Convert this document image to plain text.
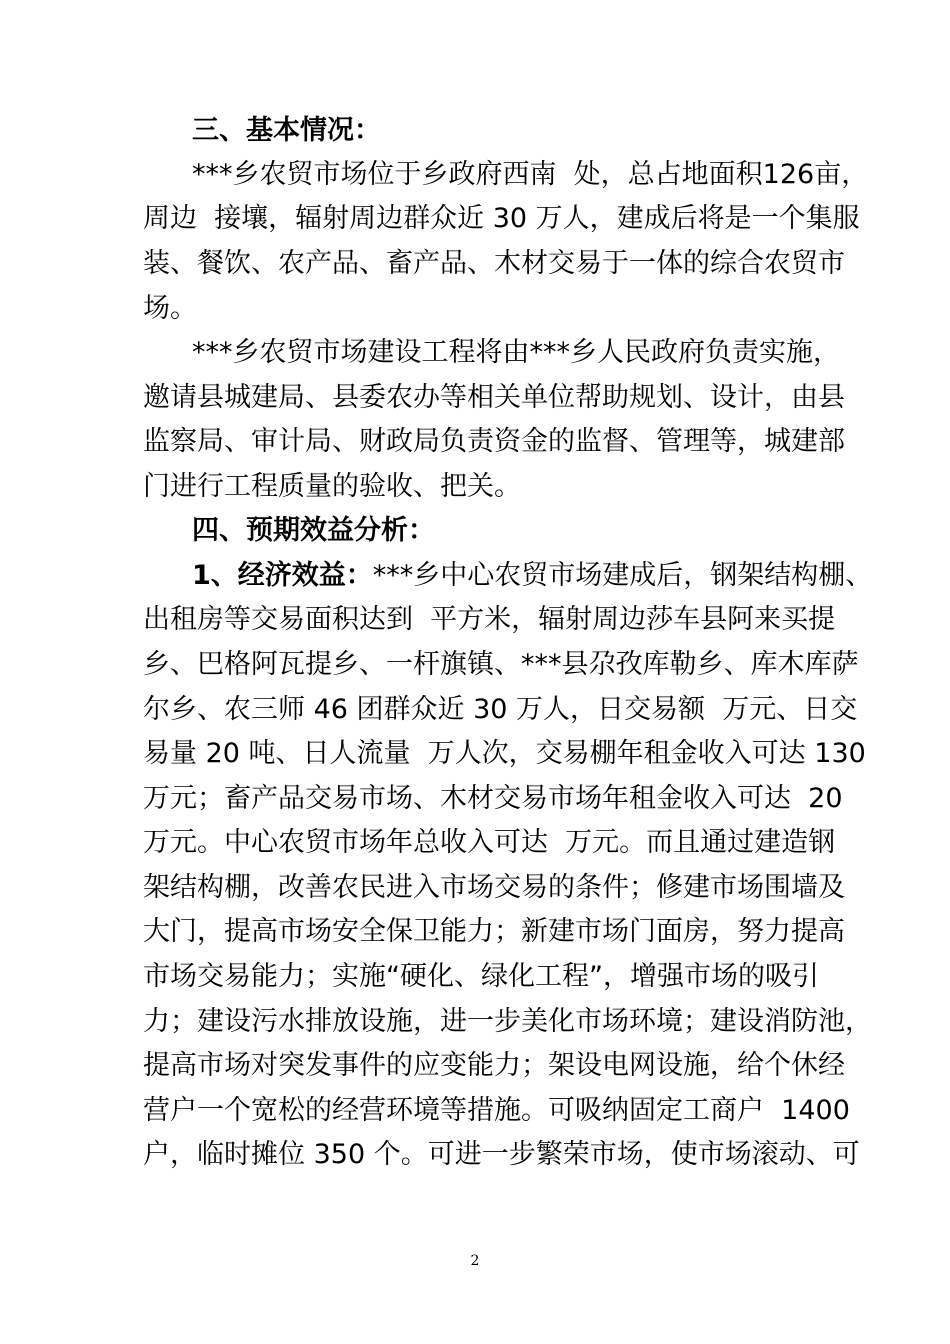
三、基本情况：
***乡农贸市场位于乡政府西南  处，总占地面积126亩，
周边  接壤，辐射周边群众近 30 万人，建成后将是一个集服
装、餐饮、农产品、畜产品、木材交易于一体的综合农贸市
场。
***乡农贸市场建设工程将由***乡人民政府负责实施，
邀请县城建局、县委农办等相关单位帮助规划、设计，由县
监察局、审计局、财政局负责资金的监督、管理等，城建部
门进行工程质量的验收、把关。
四、预期效益分析：
1、经济效益：***乡中心农贸市场建成后，钢架结构棚、
出租房等交易面积达到  平方米，辐射周边莎车县阿来买提
乡、巴格阿瓦提乡、一杆旗镇、***县尕孜库勒乡、库木库萨
尔乡、农三师 46 团群众近 30 万人，日交易额  万元、日交
易量 20 吨、日人流量  万人次，交易棚年租金收入可达 130
万元；畜产品交易市场、木材交易市场年租金收入可达  20
万元。中心农贸市场年总收入可达  万元。而且通过建造钢
架结构棚，改善农民进入市场交易的条件；修建市场围墙及
大门，提高市场安全保卫能力；新建市场门面房，努力提高
市场交易能力；实施“硬化、绿化工程”，增强市场的吸引
力；建设污水排放设施，进一步美化市场环境；建设消防池，
提高市场对突发事件的应变能力；架设电网设施，给个休经
营户一个宽松的经营环境等措施。可吸纳固定工商户  1400
户，临时摊位 350 个。可进一步繁荣市场，使市场滚动、可
2
